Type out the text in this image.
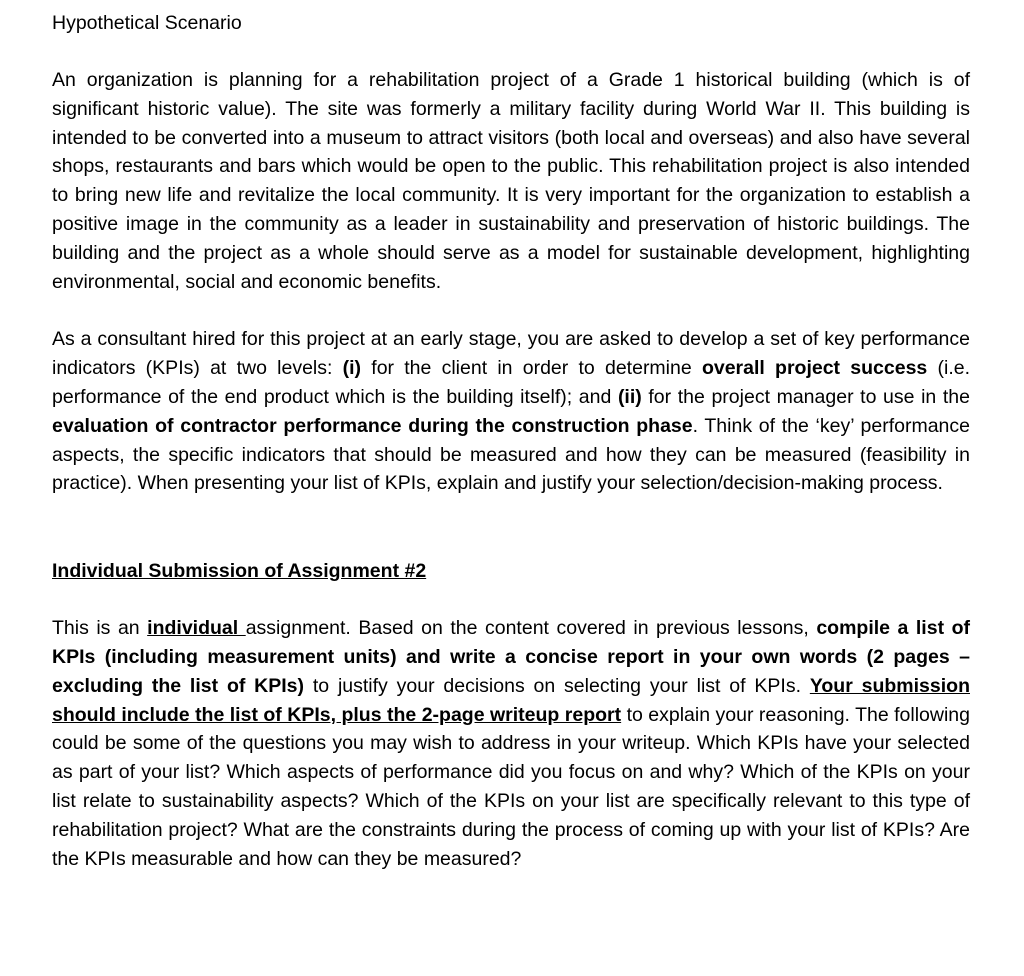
Hypothetical Scenario

An organization is planning for a rehabilitation project of a Grade 1 historical building (which is of significant historic value). The site was formerly a military facility during World War II. This building is intended to be converted into a museum to attract visitors (both local and overseas) and also have several shops, restaurants and bars which would be open to the public. This rehabilitation project is also intended to bring new life and revitalize the local community. It is very important for the organization to establish a positive image in the community as a leader in sustainability and preservation of historic buildings. The building and the project as a whole should serve as a model for sustainable development, highlighting environmental, social and economic benefits.

As a consultant hired for this project at an early stage, you are asked to develop a set of key performance indicators (KPIs) at two levels: (i) for the client in order to determine overall project success (i.e. performance of the end product which is the building itself); and (ii) for the project manager to use in the evaluation of contractor performance during the construction phase. Think of the ‘key’ performance aspects, the specific indicators that should be measured and how they can be measured (feasibility in practice). When presenting your list of KPIs, explain and justify your selection/decision-making process.

Individual Submission of Assignment #2

This is an individual assignment. Based on the content covered in previous lessons, compile a list of KPIs (including measurement units) and write a concise report in your own words (2 pages – excluding the list of KPIs) to justify your decisions on selecting your list of KPIs. Your submission should include the list of KPIs, plus the 2-page writeup report to explain your reasoning. The following could be some of the questions you may wish to address in your writeup. Which KPIs have your selected as part of your list? Which aspects of performance did you focus on and why? Which of the KPIs on your list relate to sustainability aspects? Which of the KPIs on your list are specifically relevant to this type of rehabilitation project? What are the constraints during the process of coming up with your list of KPIs? Are the KPIs measurable and how can they be measured?
